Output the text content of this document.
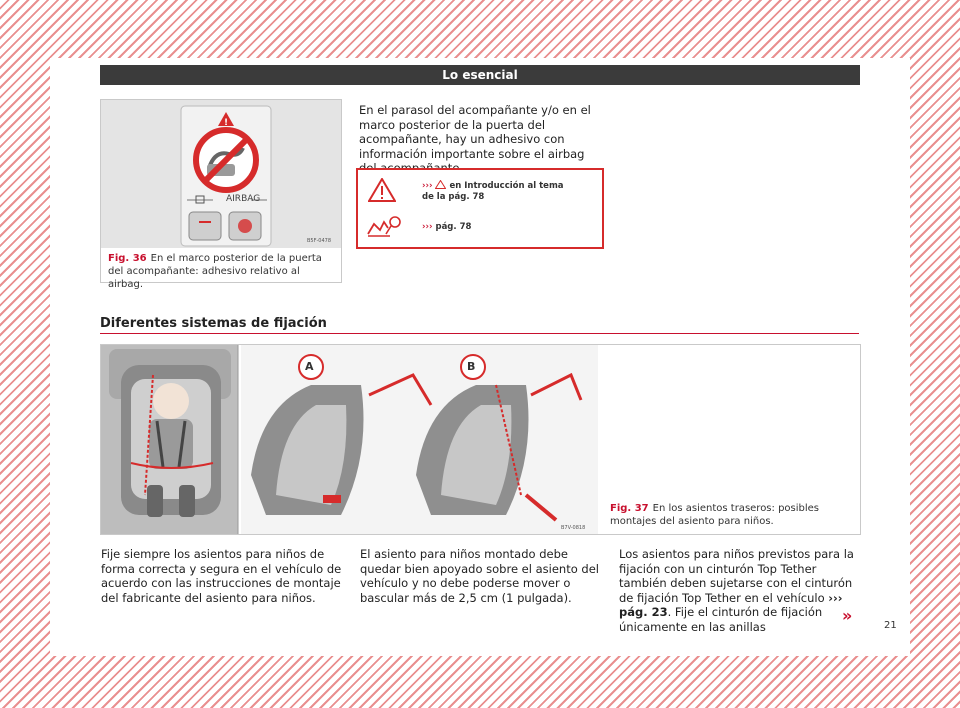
Lo esencial
!
AIRBAG
B5F-0478
Fig. 36 En el marco posterior de la puerta del acompañante: adhesivo relativo al airbag.
En el parasol del acompañante y/o en el marco posterior de la puerta del acompañante, hay un adhesivo con información importante sobre el airbag
››› en Introducción al tema de la pág. 78
››› pág. 78
Diferentes sistemas de fijación
A	B
B7V-0818
Fig. 37 En los asientos traseros: posibles montajes del asiento para niños.
Fije siempre los asientos para niños de forma correcta y segura en el vehículo de acuerdo con las instrucciones de montaje del fabricante del asiento para niños.
El asiento para niños montado debe quedar bien apoyado sobre el asiento del vehículo y no debe poderse mover o bascular más de 2,5 cm (1 pulgada).
Los asientos para niños previstos para la fijación con un cinturón Top Tether también deben sujetarse con el cinturón de fijación Top Tether en el vehículo ››› pág. 23. Fije el cinturón de fijación únicamente en las anillas
»
21
